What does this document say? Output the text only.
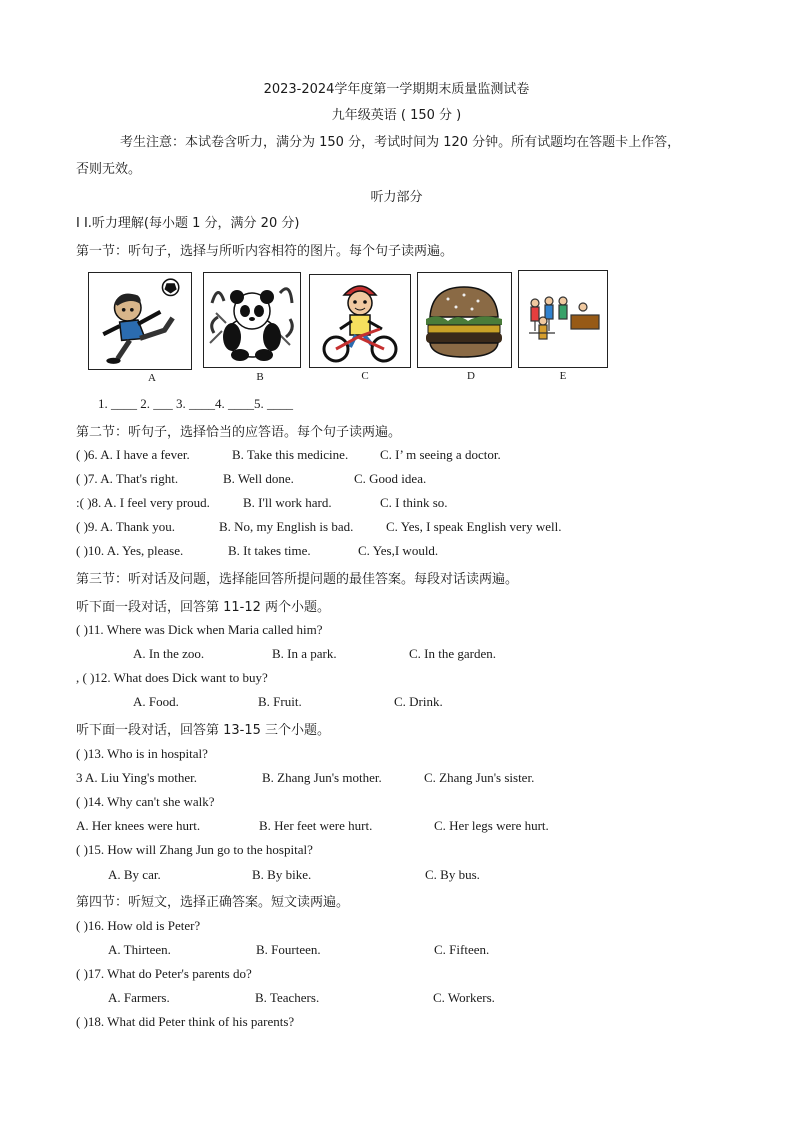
2023-2024学年度第一学期期末质量监测试卷
九年级英语 ( 150 分 )
考生注意：本试卷含听力，满分为 150 分，考试时间为 120 分钟。所有试题均在答题卡上作答，
否则无效。
听力部分
Ⅰ I.听力理解(每小题 1 分，满分 20 分)
第一节：听句子，选择与所听内容相符的图片。每个句子读两遍。
A	B	C	D	E
1. ____ 2. ___ 3. ____4. ____5. ____
第二节：听句子，选择恰当的应答语。每个句子读两遍。
( )6. A. I have a fever.	B. Take this medicine. C. I’ m seeing a doctor.
( )7. A. That's right.	B. Well done.	C. Good idea.
:( )8. A. I feel very proud.	B. I'll work hard.	C. I think so.
( )9. A. Thank you.	B. No, my English is bad.	C. Yes, I speak English very well.
( )10. A. Yes, please.	B. It takes time.	C. Yes,I would.
第三节：听对话及问题，选择能回答所提问题的最佳答案。每段对话读两遍。
听下面一段对话，回答第 11-12 两个小题。
( )11. Where was Dick when Maria called him?
A. In the zoo.	B. In a park.	C. In the garden.
, ( )12. What does Dick want to buy?
A. Food.	B. Fruit.	C. Drink.
听下面一段对话，回答第 13-15 三个小题。
( )13. Who is in hospital?
3 A. Liu Ying's mother.	B. Zhang Jun's mother.	C. Zhang Jun's sister.
( )14. Why can't she walk?
A. Her knees were hurt.	B. Her feet were hurt.	C. Her legs were hurt.
( )15. How will Zhang Jun go to the hospital?
A. By car.	B. By bike.	C. By bus.
第四节：听短文，选择正确答案。短文读两遍。
( )16. How old is Peter?
A. Thirteen.	B. Fourteen.	C. Fifteen.
( )17. What do Peter's parents do?
A. Farmers.	B. Teachers.	C. Workers.
( )18. What did Peter think of his parents?
